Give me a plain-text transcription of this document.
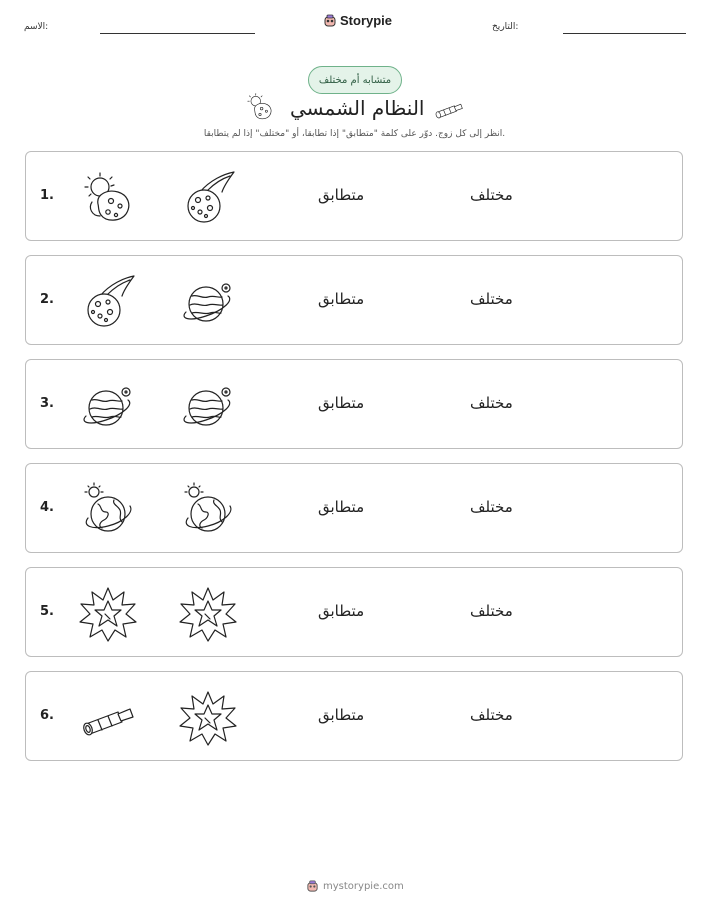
الاسم:	Storypie	التاريخ:
متشابه أم مختلف
النظام الشمسي
انظر إلى كل زوج. دوّر على كلمة "متطابق" إذا تطابقا، أو "مختلف" إذا لم يتطابقا.
1.	متطابق	مختلف
2.	متطابق	مختلف
3.	متطابق	مختلف
4.	متطابق	مختلف
5.	متطابق	مختلف
6.	متطابق	مختلف
mystorypie.com
